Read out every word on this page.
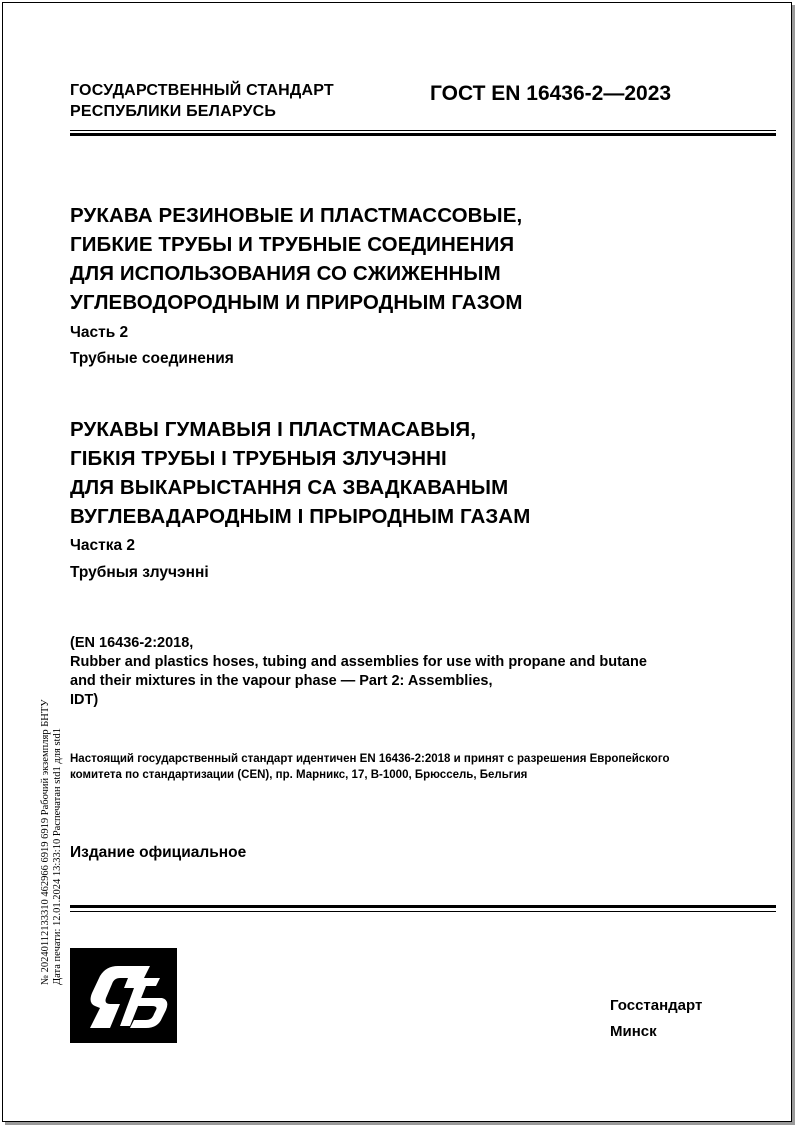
ГОСУДАРСТВЕННЫЙ СТАНДАРТ
РЕСПУБЛИКИ БЕЛАРУСЬ
ГОСТ EN 16436-2—2023
РУКАВА РЕЗИНОВЫЕ И ПЛАСТМАССОВЫЕ,
ГИБКИЕ ТРУБЫ И ТРУБНЫЕ СОЕДИНЕНИЯ
ДЛЯ ИСПОЛЬЗОВАНИЯ СО СЖИЖЕННЫМ
УГЛЕВОДОРОДНЫМ И ПРИРОДНЫМ ГАЗОМ
Часть 2
Трубные соединения
РУКАВЫ ГУМАВЫЯ І ПЛАСТМАСАВЫЯ,
ГІБКІЯ ТРУБЫ І ТРУБНЫЯ ЗЛУЧЭННІ
ДЛЯ ВЫКАРЫСТАННЯ СА ЗВАДКАВАНЫМ
ВУГЛЕВАДАРОДНЫМ І ПРЫРОДНЫМ ГАЗАМ
Частка 2
Трубныя злучэнні
(EN 16436-2:2018,
Rubber and plastics hoses, tubing and assemblies for use with propane and butane
and their mixtures in the vapour phase — Part 2: Assemblies,
IDT)
Настоящий государственный стандарт идентичен EN 16436-2:2018 и принят с разрешения Европейского
комитета по стандартизации (CEN), пр. Марникс, 17, B-1000, Брюссель, Бельгия
Издание официальное
Госстандарт
Минск
№ 20240112133310 462966 6919 6919 Рабочий экземпляр БНТУ Дата печати: 12.01.2024 13:33:10 Распечатан std1 для std1
